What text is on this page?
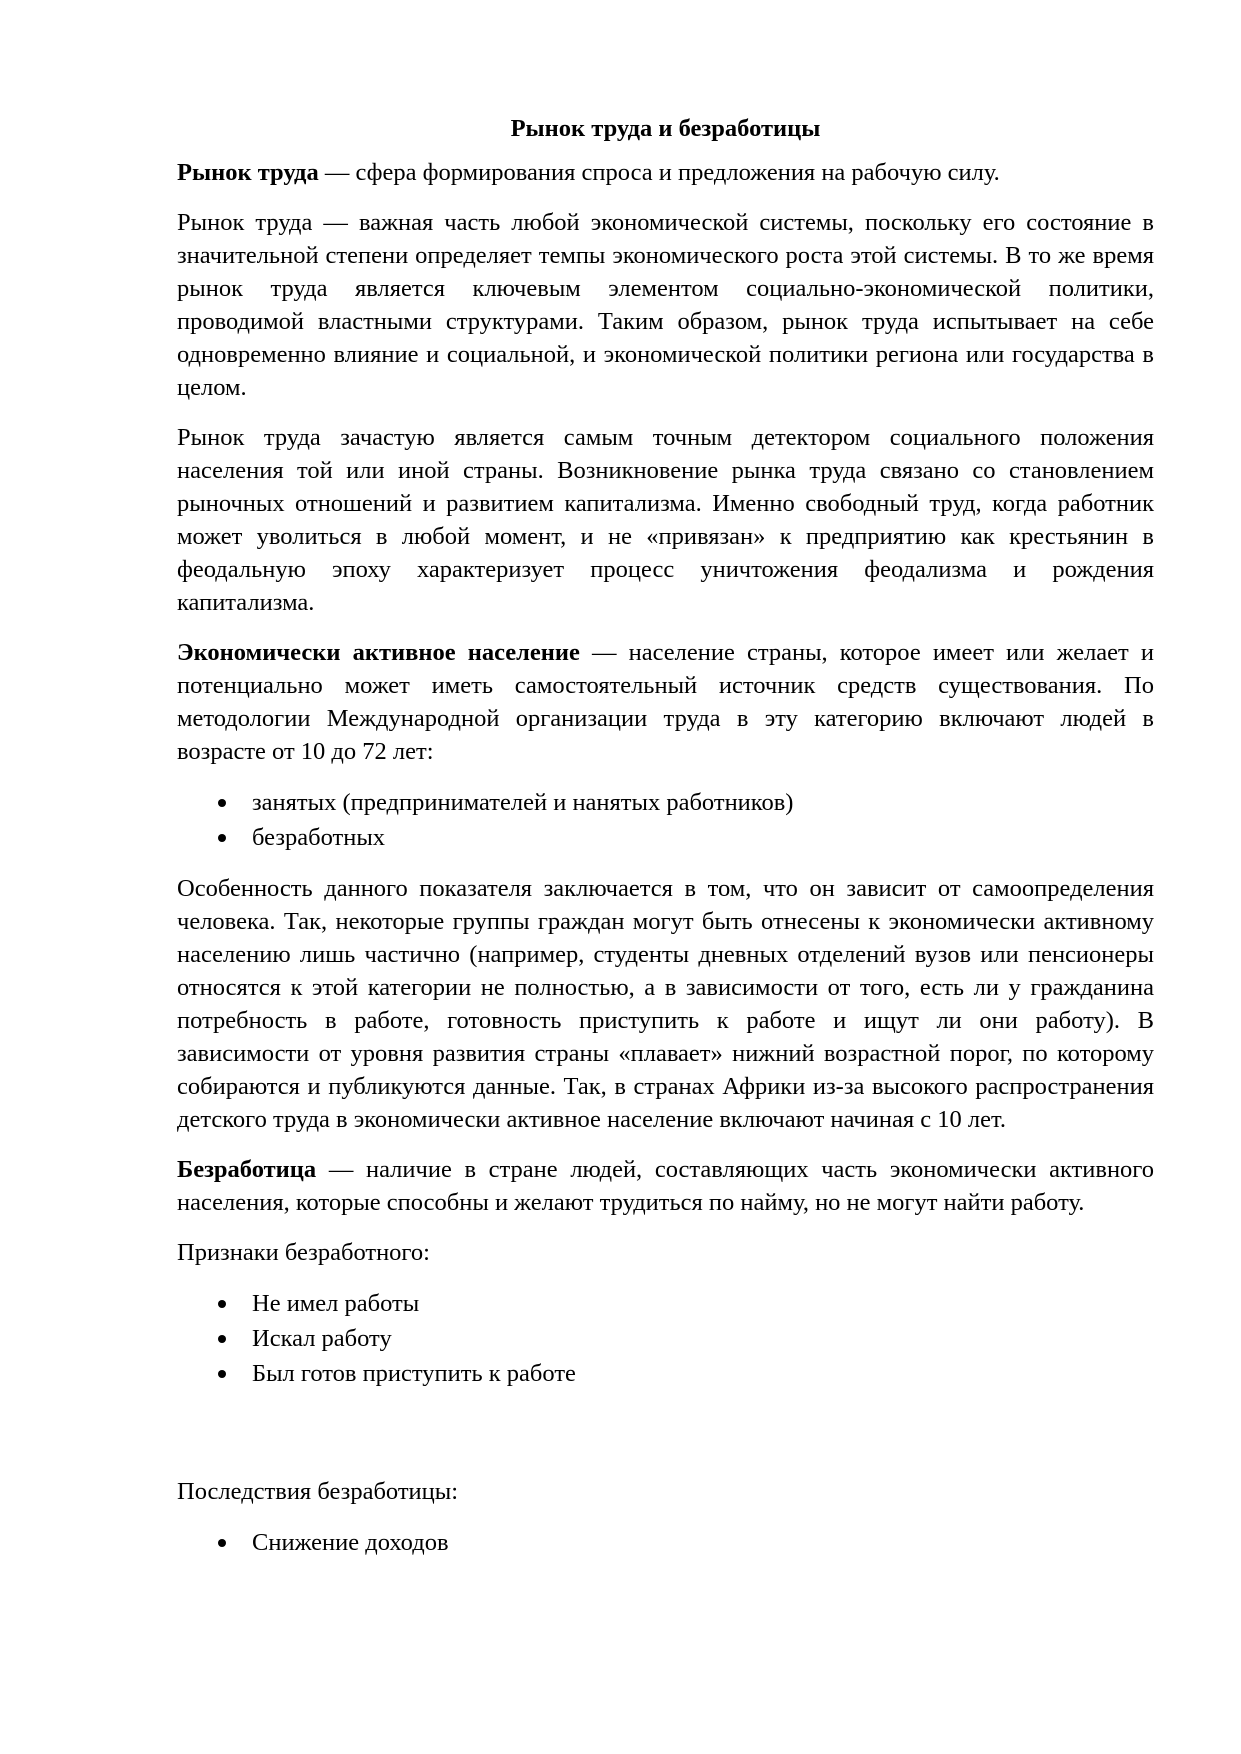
Рынок труда и безработицы

Рынок труда — сфера формирования спроса и предложения на рабочую силу.

Рынок труда — важная часть любой экономической системы, поскольку его состояние в значительной степени определяет темпы экономического роста этой системы. В то же время рынок труда является ключевым элементом социально-экономической политики, проводимой властными структурами. Таким образом, рынок труда испытывает на себе одновременно влияние и социальной, и экономической политики региона или государства в целом.

Рынок труда зачастую является самым точным детектором социального положения населения той или иной страны. Возникновение рынка труда связано со становлением рыночных отношений и развитием капитализма. Именно свободный труд, когда работник может уволиться в любой момент, и не «привязан» к предприятию как крестьянин в феодальную эпоху характеризует процесс уничтожения феодализма и рождения капитализма.

Экономически активное население — население страны, которое имеет или желает и потенциально может иметь самостоятельный источник средств существования. По методологии Международной организации труда в эту категорию включают людей в возрасте от 10 до 72 лет:

занятых (предпринимателей и нанятых работников)
безработных

Особенность данного показателя заключается в том, что он зависит от самоопределения человека. Так, некоторые группы граждан могут быть отнесены к экономически активному населению лишь частично (например, студенты дневных отделений вузов или пенсионеры относятся к этой категории не полностью, а в зависимости от того, есть ли у гражданина потребность в работе, готовность приступить к работе и ищут ли они работу). В зависимости от уровня развития страны «плавает» нижний возрастной порог, по которому собираются и публикуются данные. Так, в странах Африки из-за высокого распространения детского труда в экономически активное население включают начиная с 10 лет.

Безработица — наличие в стране людей, составляющих часть экономически активного населения, которые способны и желают трудиться по найму, но не могут найти работу.

Признаки безработного:

Не имел работы
Искал работу
Был готов приступить к работе

Последствия безработицы:

Снижение доходов
